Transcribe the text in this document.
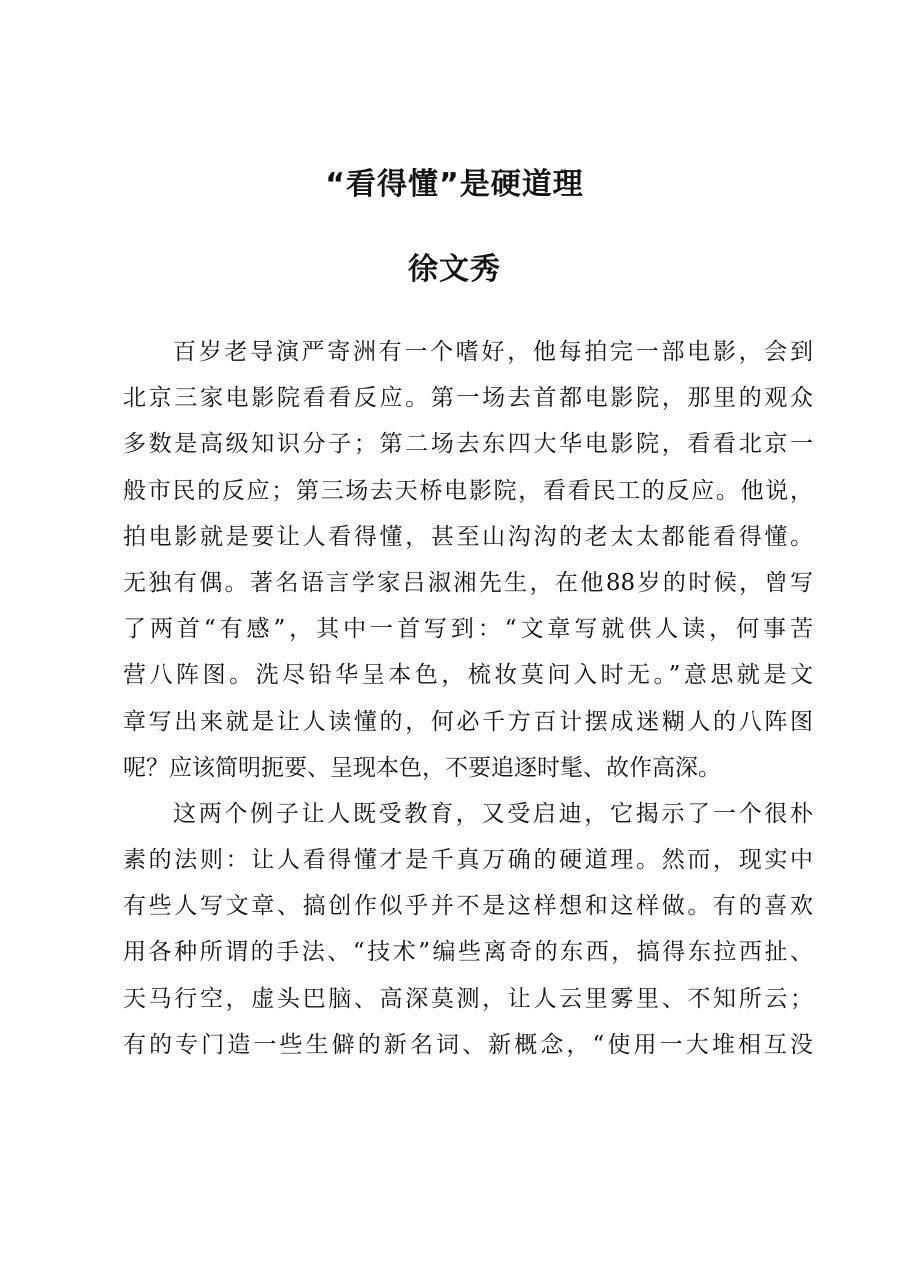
“看得懂”是硬道理
徐文秀
百岁老导演严寄洲有一个嗜好，他每拍完一部电影，会到
北京三家电影院看看反应。第一场去首都电影院，那里的观众
多数是高级知识分子；第二场去东四大华电影院，看看北京一
般市民的反应；第三场去天桥电影院，看看民工的反应。他说，
拍电影就是要让人看得懂，甚至山沟沟的老太太都能看得懂。
无独有偶。著名语言学家吕淑湘先生，在他88岁的时候，曾写
了两首“有感”，其中一首写到：“文章写就供人读，何事苦
营八阵图。洗尽铅华呈本色，梳妆莫问入时无。”意思就是文
章写出来就是让人读懂的，何必千方百计摆成迷糊人的八阵图
呢？应该简明扼要、呈现本色，不要追逐时髦、故作高深。
这两个例子让人既受教育，又受启迪，它揭示了一个很朴
素的法则：让人看得懂才是千真万确的硬道理。然而，现实中
有些人写文章、搞创作似乎并不是这样想和这样做。有的喜欢
用各种所谓的手法、“技术”编些离奇的东西，搞得东拉西扯、
天马行空，虚头巴脑、高深莫测，让人云里雾里、不知所云；
有的专门造一些生僻的新名词、新概念，“使用一大堆相互没
